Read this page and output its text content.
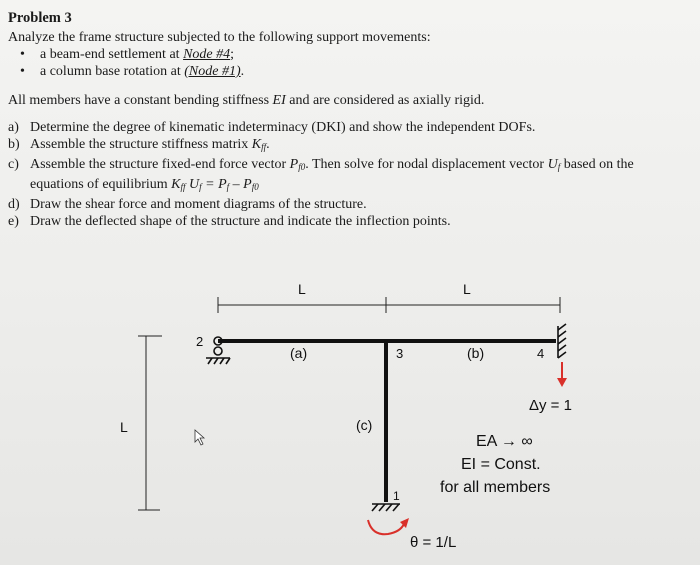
Problem 3
Analyze the frame structure subjected to the following support movements:
• a beam-end settlement at Node #4;
• a column base rotation at (Node #1).
All members have a constant bending stiffness EI and are considered as axially rigid.
a) Determine the degree of kinematic indeterminacy (DKI) and show the independent DOFs.
b) Assemble the structure stiffness matrix $K_{ff}$.
c) Assemble the structure fixed-end force vector $P_{f0}$. Then solve for nodal displacement vector $U_f$ based on the
equations of equilibrium $K_{ff}$ $U_f = P_f - P_{f0}$
d) Draw the shear force and moment diagrams of the structure.
e) Draw the deflected shape of the structure and indicate the inflection points.
L	L
L
2
(a)	3	(b)	4
(c)
Δy = 1
1
θ = 1/L
EA → ∞
EI = Const.
for all members
